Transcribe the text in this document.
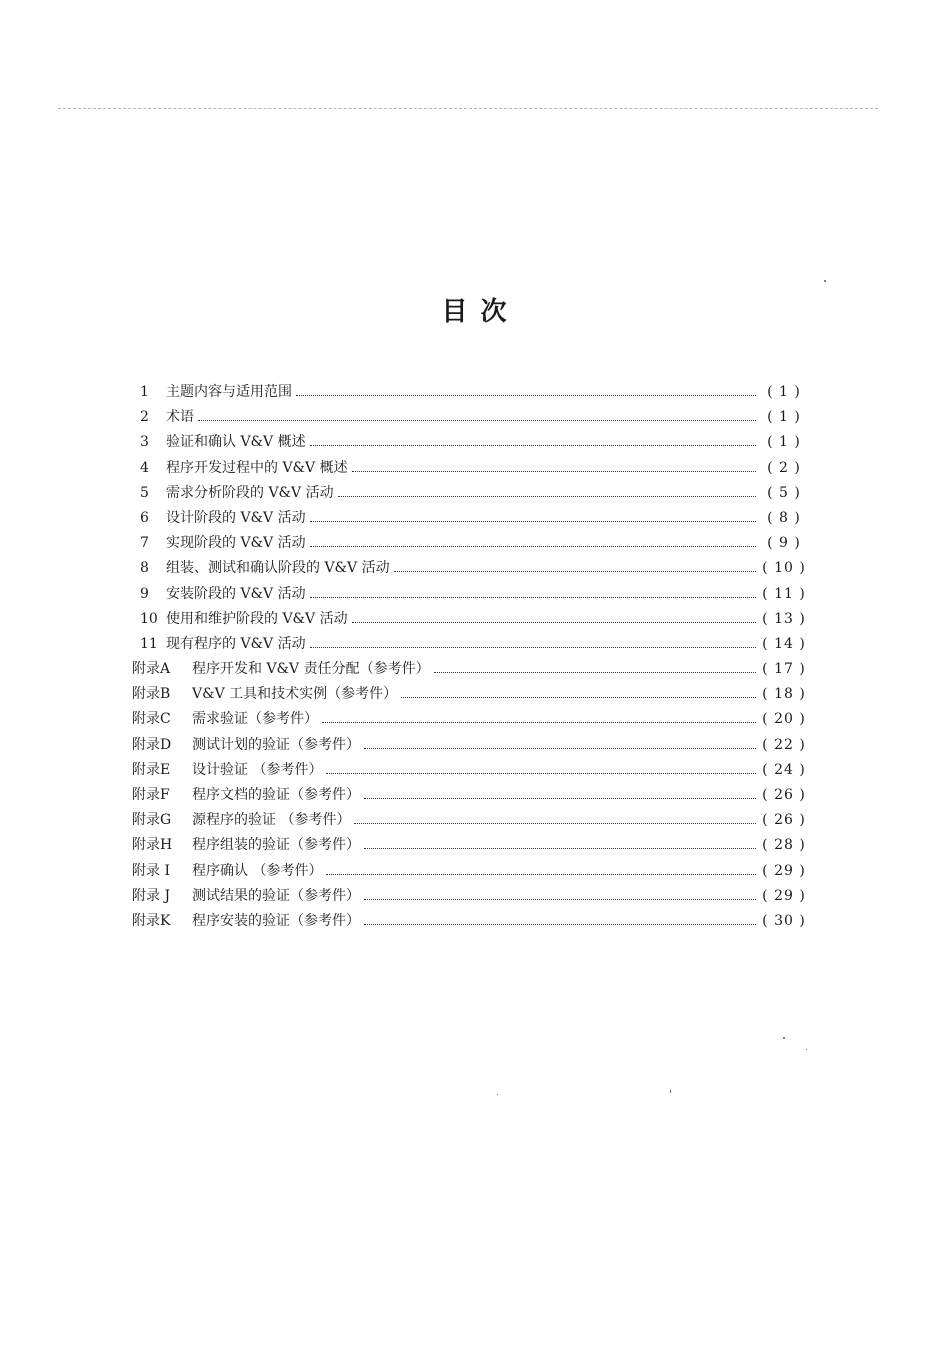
目 次
1	主题内容与适用范围	( 1 )
2	术语	( 1 )
3	验证和确认 V&V 概述	( 1 )
4	程序开发过程中的 V&V 概述	( 2 )
5	需求分析阶段的 V&V 活动	( 5 )
6	设计阶段的 V&V 活动	( 8 )
7	实现阶段的 V&V 活动	( 9 )
8	组装、测试和确认阶段的 V&V 活动	( 10 )
9	安装阶段的 V&V 活动	( 11 )
10 使用和维护阶段的 V&V 活动	( 13 )
11 现有程序的 V&V 活动	( 14 )
附录A	程序开发和 V&V 责任分配（参考件）	( 17 )
附录B	V&V 工具和技术实例（参考件）	( 18 )
附录C	需求验证（参考件）	( 20 )
附录D	测试计划的验证（参考件）	( 22 )
附录E	设计验证 （参考件）	( 24 )
附录F	程序文档的验证（参考件）	( 26 )
附录G	源程序的验证 （参考件）	( 26 )
附录H	程序组装的验证（参考件）	( 28 )
附录 I	程序确认 （参考件）	( 29 )
附录 J	测试结果的验证（参考件）	( 29 )
附录K	程序安装的验证（参考件）	( 30 )
